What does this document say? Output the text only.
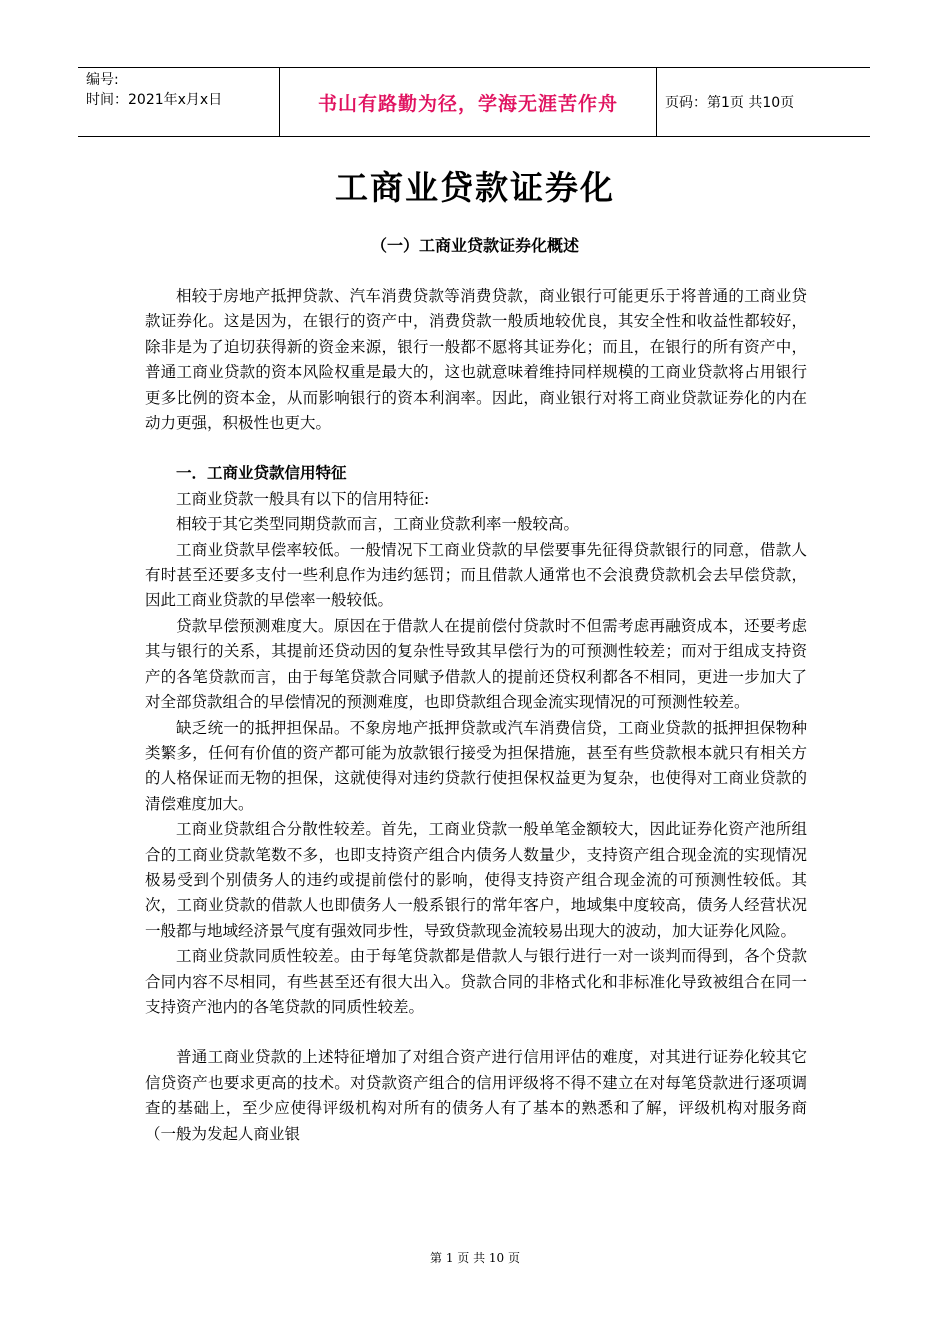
编号:
时间：2021年x月x日	书山有路勤为径，学海无涯苦作舟	页码：第1页 共10页
工商业贷款证券化
（一）工商业贷款证券化概述

相较于房地产抵押贷款、汽车消费贷款等消费贷款，商业银行可能更乐于将普通的工商业贷款证券化。这是因为，在银行的资产中，消费贷款一般质地较优良，其安全性和收益性都较好，除非是为了迫切获得新的资金来源，银行一般都不愿将其证券化；而且，在银行的所有资产中，普通工商业贷款的资本风险权重是最大的，这也就意味着维持同样规模的工商业贷款将占用银行更多比例的资本金，从而影响银行的资本利润率。因此，商业银行对将工商业贷款证券化的内在动力更强，积极性也更大。

一．工商业贷款信用特征

工商业贷款一般具有以下的信用特征:

相较于其它类型同期贷款而言，工商业贷款利率一般较高。

工商业贷款早偿率较低。一般情况下工商业贷款的早偿要事先征得贷款银行的同意，借款人有时甚至还要多支付一些利息作为违约惩罚；而且借款人通常也不会浪费贷款机会去早偿贷款，因此工商业贷款的早偿率一般较低。

贷款早偿预测难度大。原因在于借款人在提前偿付贷款时不但需考虑再融资成本，还要考虑其与银行的关系，其提前还贷动因的复杂性导致其早偿行为的可预测性较差；而对于组成支持资产的各笔贷款而言，由于每笔贷款合同赋予借款人的提前还贷权利都各不相同，更进一步加大了对全部贷款组合的早偿情况的预测难度，也即贷款组合现金流实现情况的可预测性较差。

缺乏统一的抵押担保品。不象房地产抵押贷款或汽车消费信贷，工商业贷款的抵押担保物种类繁多，任何有价值的资产都可能为放款银行接受为担保措施，甚至有些贷款根本就只有相关方的人格保证而无物的担保，这就使得对违约贷款行使担保权益更为复杂，也使得对工商业贷款的清偿难度加大。

工商业贷款组合分散性较差。首先，工商业贷款一般单笔金额较大，因此证券化资产池所组合的工商业贷款笔数不多，也即支持资产组合内债务人数量少，支持资产组合现金流的实现情况极易受到个别债务人的违约或提前偿付的影响，使得支持资产组合现金流的可预测性较低。其次，工商业贷款的借款人也即债务人一般系银行的常年客户，地域集中度较高，债务人经营状况一般都与地域经济景气度有强效同步性，导致贷款现金流较易出现大的波动，加大证券化风险。

工商业贷款同质性较差。由于每笔贷款都是借款人与银行进行一对一谈判而得到，各个贷款合同内容不尽相同，有些甚至还有很大出入。贷款合同的非格式化和非标准化导致被组合在同一支持资产池内的各笔贷款的同质性较差。

普通工商业贷款的上述特征增加了对组合资产进行信用评估的难度，对其进行证券化较其它信贷资产也要求更高的技术。对贷款资产组合的信用评级将不得不建立在对每笔贷款进行逐项调查的基础上，至少应使得评级机构对所有的债务人有了基本的熟悉和了解，评级机构对服务商（一般为发起人商业银

第 1 页 共 10 页
